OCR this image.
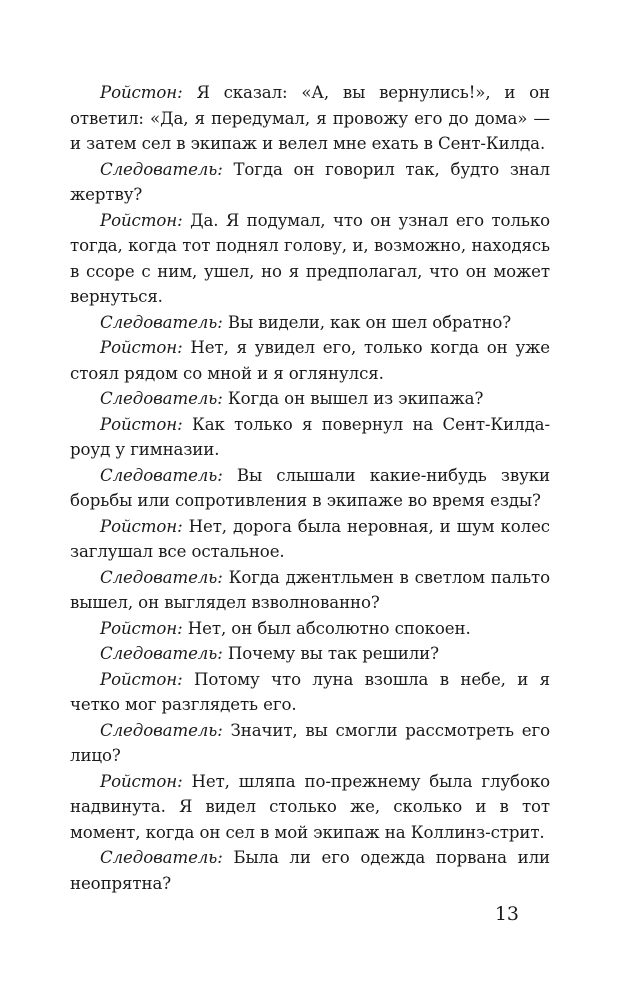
Ройстон: Я сказал: «А, вы вернулись!», и он ответил: «Да, я передумал, я провожу его до дома» — и затем сел в экипаж и велел мне ехать в Сент-Килда.

Следователь: Тогда он говорил так, будто знал жертву?

Ройстон: Да. Я подумал, что он узнал его только тогда, когда тот поднял голову, и, возможно, находясь в ссоре с ним, ушел, но я предполагал, что он может вернуться.

Следователь: Вы видели, как он шел обратно?

Ройстон: Нет, я увидел его, только когда он уже стоял рядом со мной и я оглянулся.

Следователь: Когда он вышел из экипажа?

Ройстон: Как только я повернул на Сент-Килда-роуд у гимназии.

Следователь: Вы слышали какие-нибудь звуки борьбы или сопротивления в экипаже во время езды?

Ройстон: Нет, дорога была неровная, и шум колес заглушал все остальное.

Следователь: Когда джентльмен в светлом пальто вышел, он выглядел взволнованно?

Ройстон: Нет, он был абсолютно спокоен.

Следователь: Почему вы так решили?

Ройстон: Потому что луна взошла в небе, и я четко мог разглядеть его.

Следователь: Значит, вы смогли рассмотреть его лицо?

Ройстон: Нет, шляпа по-прежнему была глубоко надвинута. Я видел столько же, сколько и в тот момент, когда он сел в мой экипаж на Коллинз-стрит.

Следователь: Была ли его одежда порвана или неопрятна?

13
